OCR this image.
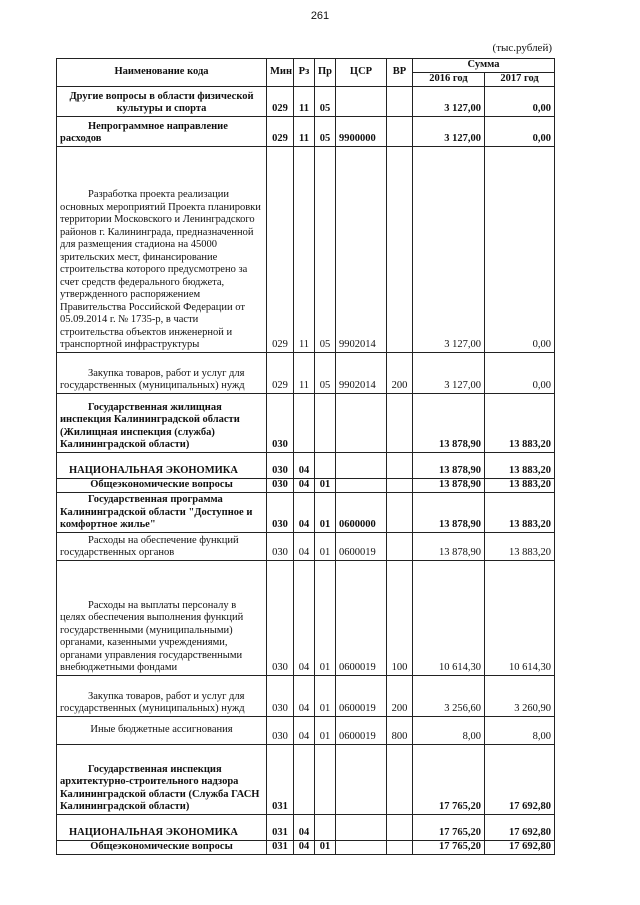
261
(тыс.рублей)
Наименование кода	Мин	Рз	Пр	ЦСР	ВР	Сумма	
						2016 год	2017 год
Другие вопросы в области физической культуры и спорта	029	11	05			3 127,00	0,00
Непрограммное направление расходов	029	11	05	9900000		3 127,00	0,00
Разработка проекта реализации основных мероприятий Проекта планировки территории Московского и Ленинградского районов г. Калининграда, предназначенной для размещения стадиона на 45000 зрительских мест, финансирование строительства которого предусмотрено за счет средств федерального бюджета, утвержденного распоряжением Правительства Российской Федерации от 05.09.2014 г. № 1735-р, в части строительства объектов инженерной и транспортной инфраструктуры	029	11	05	9902014		3 127,00	0,00
Закупка товаров, работ и услуг для государственных (муниципальных) нужд	029	11	05	9902014	200	3 127,00	0,00
Государственная жилищная инспекция Калининградской области (Жилищная инспекция (служба) Калининградской области)	030					13 878,90	13 883,20
НАЦИОНАЛЬНАЯ ЭКОНОМИКА	030	04				13 878,90	13 883,20
Общеэкономические вопросы	030	04	01			13 878,90	13 883,20
Государственная программа Калининградской области "Доступное и комфортное жилье"	030	04	01	0600000		13 878,90	13 883,20
Расходы на обеспечение функций государственных органов	030	04	01	0600019		13 878,90	13 883,20
Расходы на выплаты персоналу в целях обеспечения выполнения функций государственными (муниципальными) органами, казенными учреждениями, органами управления государственными внебюджетными фондами	030	04	01	0600019	100	10 614,30	10 614,30
Закупка товаров, работ и услуг для государственных (муниципальных) нужд	030	04	01	0600019	200	3 256,60	3 260,90
Иные бюджетные ассигнования	030	04	01	0600019	800	8,00	8,00
Государственная инспекция архитектурно-строительного надзора Калининградской области (Служба ГАСН Калининградской области)	031					17 765,20	17 692,80
НАЦИОНАЛЬНАЯ ЭКОНОМИКА	031	04				17 765,20	17 692,80
Общеэкономические вопросы	031	04	01			17 765,20	17 692,80
